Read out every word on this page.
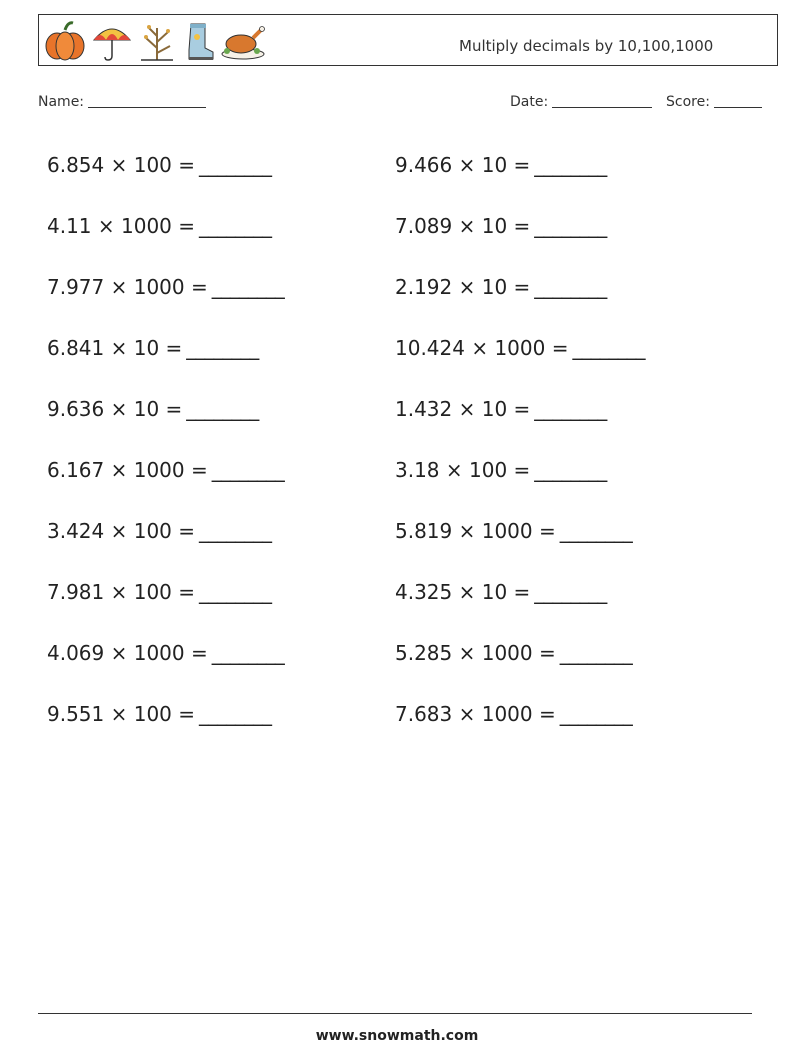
Multiply decimals by 10,100,1000
Name:	Date:	Score:
6.854 × 100 = ________	9.466 × 10 = ________
4.11 × 1000 = ________	7.089 × 10 = ________
7.977 × 1000 = ________	2.192 × 10 = ________
6.841 × 10 = ________	10.424 × 1000 = ________
9.636 × 10 = ________	1.432 × 10 = ________
6.167 × 1000 = ________	3.18 × 100 = ________
3.424 × 100 = ________	5.819 × 1000 = ________
7.981 × 100 = ________	4.325 × 10 = ________
4.069 × 1000 = ________	5.285 × 1000 = ________
9.551 × 100 = ________	7.683 × 1000 = ________
www.snowmath.com
